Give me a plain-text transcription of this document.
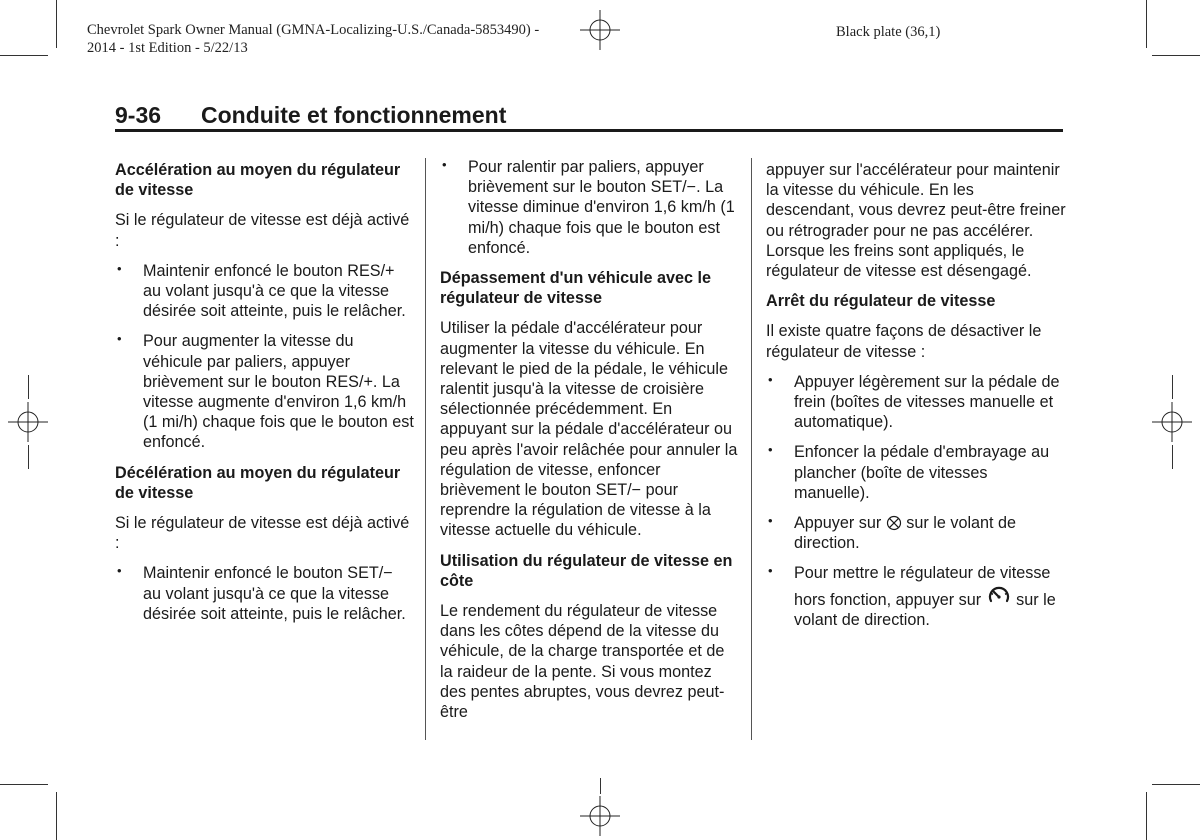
Chevrolet Spark Owner Manual (GMNA-Localizing-U.S./Canada-5853490) -
2014 - 1st Edition - 5/22/13
Black plate (36,1)
9-36 Conduite et fonctionnement
Accélération au moyen du régulateur de vitesse

Si le régulateur de vitesse est déjà activé :

• Maintenir enfoncé le bouton RES/+ au volant jusqu'à ce que la vitesse désirée soit atteinte, puis le relâcher.
• Pour augmenter la vitesse du véhicule par paliers, appuyer brièvement sur le bouton RES/+. La vitesse augmente d'environ 1,6 km/h (1 mi/h) chaque fois que le bouton est enfoncé.
Décélération au moyen du régulateur de vitesse

Si le régulateur de vitesse est déjà activé :

• Maintenir enfoncé le bouton SET/− au volant jusqu'à ce que la vitesse désirée soit atteinte, puis le relâcher.
• Pour ralentir par paliers, appuyer brièvement sur le bouton SET/−. La vitesse diminue d'environ 1,6 km/h (1 mi/h) chaque fois que le bouton est enfoncé.
Dépassement d'un véhicule avec le régulateur de vitesse

Utiliser la pédale d'accélérateur pour augmenter la vitesse du véhicule. En relevant le pied de la pédale, le véhicule ralentit jusqu'à la vitesse de croisière sélectionnée précédemment. En appuyant sur la pédale d'accélérateur ou peu après l'avoir relâchée pour annuler la régulation de vitesse, enfoncer brièvement le bouton SET/− pour reprendre la régulation de vitesse à la vitesse actuelle du véhicule.

Utilisation du régulateur de vitesse en côte

Le rendement du régulateur de vitesse dans les côtes dépend de la vitesse du véhicule, de la charge transportée et de la raideur de la pente. Si vous montez des pentes abruptes, vous devrez peut-être

appuyer sur l'accélérateur pour maintenir la vitesse du véhicule. En les descendant, vous devrez peut-être freiner ou rétrograder pour ne pas accélérer. Lorsque les freins sont appliqués, le régulateur de vitesse est désengagé.

Arrêt du régulateur de vitesse

Il existe quatre façons de désactiver le régulateur de vitesse :

• Appuyer légèrement sur la pédale de frein (boîtes de vitesses manuelle et automatique).
• Enfoncer la pédale d'embrayage au plancher (boîte de vitesses manuelle).
• Appuyer sur sur le volant de direction.
• Pour mettre le régulateur de vitesse hors fonction, appuyer sur sur le volant de direction.
